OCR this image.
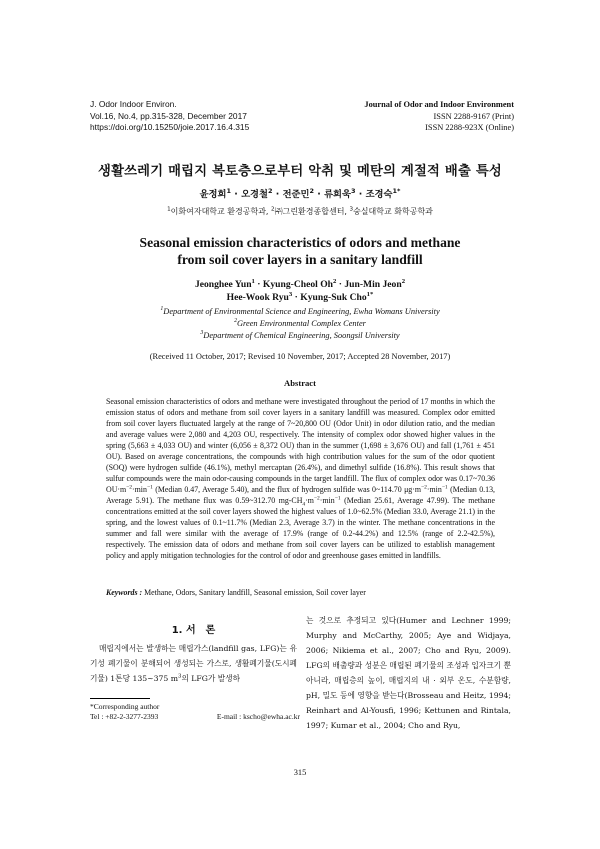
J. Odor Indoor Environ.
Vol.16, No.4, pp.315-328, December 2017
https://doi.org/10.15250/joie.2017.16.4.315
Journal of Odor and Indoor Environment
ISSN 2288-9167 (Print)
ISSN 2288-923X (Online)
생활쓰레기 매립지 복토층으로부터 악취 및 메탄의 계절적 배출 특성
윤정희$^1$ · 오경철$^2$ · 전준민$^2$ · 류희욱$^3$ · 조경숙$^{1*}$
$^1$이화여자대학교 환경공학과, $^2$㈜그린환경종합센터, $^3$숭실대학교 화학공학과
Seasonal emission characteristics of odors and methane
from soil cover layers in a sanitary landfill
Jeonghee Yun$^1$ · Kyung-Cheol $Oh^2 \cdot Jun-Min$ Jeon$^2$
Hee-Wook Ryu$^3$ · Kyung-Suk Cho$^{1*}$
$^1$Department of Environmental Science and Engineering, Ewha Womans University
$^2$Green Environmental Complex Center
$^3$Department of Chemical Engineering, Soongsil University
(Received 11 October, 2017; Revised 10 November, 2017; Accepted 28 November, 2017)
Abstract
Seasonal emission characteristics of odors and methane were investigated throughout the period of 17 months in which the emission status of odors and methane from soil cover layers in a sanitary landfill was measured. Complex odor emitted from soil cover layers fluctuated largely at the range of 7~20,800 OU (Odor Unit) in odor dilution ratio, and the median and average values were 2,080 and 4,203 OU, respectively. The intensity of complex odor showed higher values in the spring (5,663 ± 4,033 OU) and winter (6,056 ± 8,372 OU) than in the summer (1,698 ± 3,676 OU) and fall (1,761 ± 451 OU). Based on average concentrations, the compounds with high contribution values for the sum of the odor quotient (SOQ) were hydrogen sulfide (46.1%), methyl mercaptan (26.4%), and dimethyl sulfide (16.8%). This result shows that sulfur compounds were the main odor-causing compounds in the target landfill. The flux of complex odor was 0.17~70.36 $OU\cdot m^{-2}\cdot\min^{-1}$ (Median 0.47, Average 5.40), and the flux of hydrogen sulfide was 0~114.70 $\mu g\cdot m^{-2}\cdot\min^{-1}$ (Median 0.13, Average 5.91). The methane flux was 0.59~312.70 $mg-CH_4\cdot m^{-2}\cdot\min^{-1}$ (Median 25.61, Average 47.99). The methane concentrations emitted at the soil cover layers showed the highest values of 1.0~62.5% (Median 33.0, Average 21.1) in the spring, and the lowest values of 0.1~11.7% (Median 2.3, Average 3.7) in the winter. The methane concentrations in the summer and fall were similar with the average of 17.9% (range of 0.2-44.2%) and 12.5% (range of 2.2-42.5%), respectively. The emission data of odors and methane from soil cover layers can be utilized to establish management policy and apply mitigation technologies for the control of odor and greenhouse gases emitted in landfills.
Keywords : Methane, Odors, Sanitary landfill, Seasonal emission, Soil cover layer
1. 서　론
매립지에서는 발생하는 매립가스(landfill gas, LFG)는 유기성 폐기물이 분해되어 생성되는 가스로, 생활폐기물(도시폐기물) 1톤당 135~375 $m^3$의 LFG가 발생하
는 것으로 추정되고 있다(Humer and Lechner 1999; Murphy and McCarthy, 2005; Aye and Widjaya, 2006; Nikiema et al., 2007; Cho and Ryu, 2009). LFG의 배출량과 성분은 매립된 폐기물의 조성과 입자크기 뿐 아니라, 매립층의 높이, 매립지의 내 · 외부 온도, 수분함량, pH, 밀도 등에 영향을 받는다(Brosseau and Heitz, 1994; Reinhart and Al-Yousfi, 1996; Kettunen and Rintala, 1997; Kumar et al., 2004; Cho and Ryu,
*Corresponding author
Tel : +82-2-3277-2393	E-mail : kscho@ewha.ac.kr
315
